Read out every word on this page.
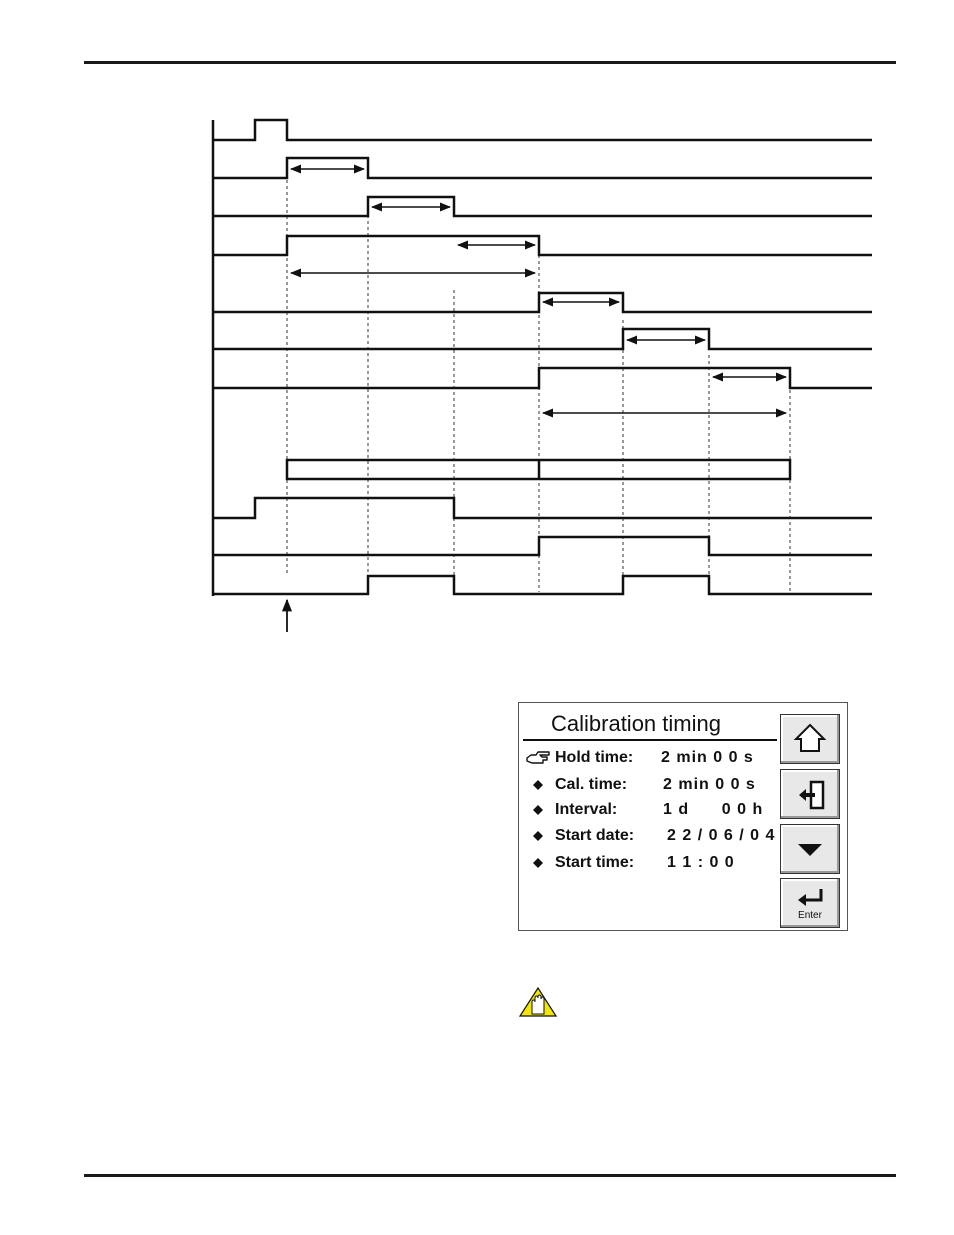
Calibration timing
Hold time: 2 min 0 0 s
Cal. time: 2 min 0 0 s
Interval:	1 d      0 0 h
Start date: 2 2 / 0 6 / 0 4
Start time: 1 1 : 0 0
Enter
